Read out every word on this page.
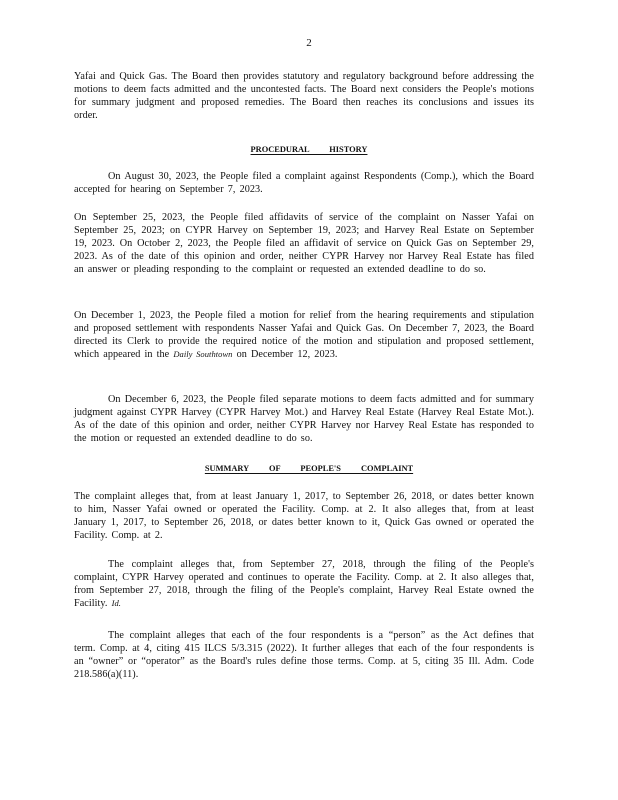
2

Yafai and Quick Gas. The Board then provides statutory and regulatory background before addressing the motions to deem facts admitted and the uncontested facts. The Board next considers the People's motions for summary judgment and proposed remedies. The Board then reaches its conclusions and issues its order.

PROCEDURAL HISTORY

On August 30, 2023, the People filed a complaint against Respondents (Comp.), which the Board accepted for hearing on September 7, 2023.

On September 25, 2023, the People filed affidavits of service of the complaint on Nasser Yafai on September 25, 2023; on CYPR Harvey on September 19, 2023; and Harvey Real Estate on September 19, 2023. On October 2, 2023, the People filed an affidavit of service on Quick Gas on September 29, 2023. As of the date of this opinion and order, neither CYPR Harvey nor Harvey Real Estate has filed an answer or pleading responding to the complaint or requested an extended deadline to do so.

On December 1, 2023, the People filed a motion for relief from the hearing requirements and stipulation and proposed settlement with respondents Nasser Yafai and Quick Gas. On December 7, 2023, the Board directed its Clerk to provide the required notice of the motion and stipulation and proposed settlement, which appeared in the Daily Southtown on December 12, 2023.

On December 6, 2023, the People filed separate motions to deem facts admitted and for summary judgment against CYPR Harvey (CYPR Harvey Mot.) and Harvey Real Estate (Harvey Real Estate Mot.). As of the date of this opinion and order, neither CYPR Harvey nor Harvey Real Estate has responded to the motion or requested an extended deadline to do so.

SUMMARY OF PEOPLE'S COMPLAINT

The complaint alleges that, from at least January 1, 2017, to September 26, 2018, or dates better known to him, Nasser Yafai owned or operated the Facility. Comp. at 2. It also alleges that, from at least January 1, 2017, to September 26, 2018, or dates better known to it, Quick Gas owned or operated the Facility. Comp. at 2.

The complaint alleges that, from September 27, 2018, through the filing of the People's complaint, CYPR Harvey operated and continues to operate the Facility. Comp. at 2. It also alleges that, from September 27, 2018, through the filing of the People's complaint, Harvey Real Estate owned the Facility. Id.

The complaint alleges that each of the four respondents is a “person” as the Act defines that term. Comp. at 4, citing 415 ILCS 5/3.315 (2022). It further alleges that each of the four respondents is an “owner” or “operator” as the Board's rules define those terms. Comp. at 5, citing 35 Ill. Adm. Code 218.586(a)(11).
